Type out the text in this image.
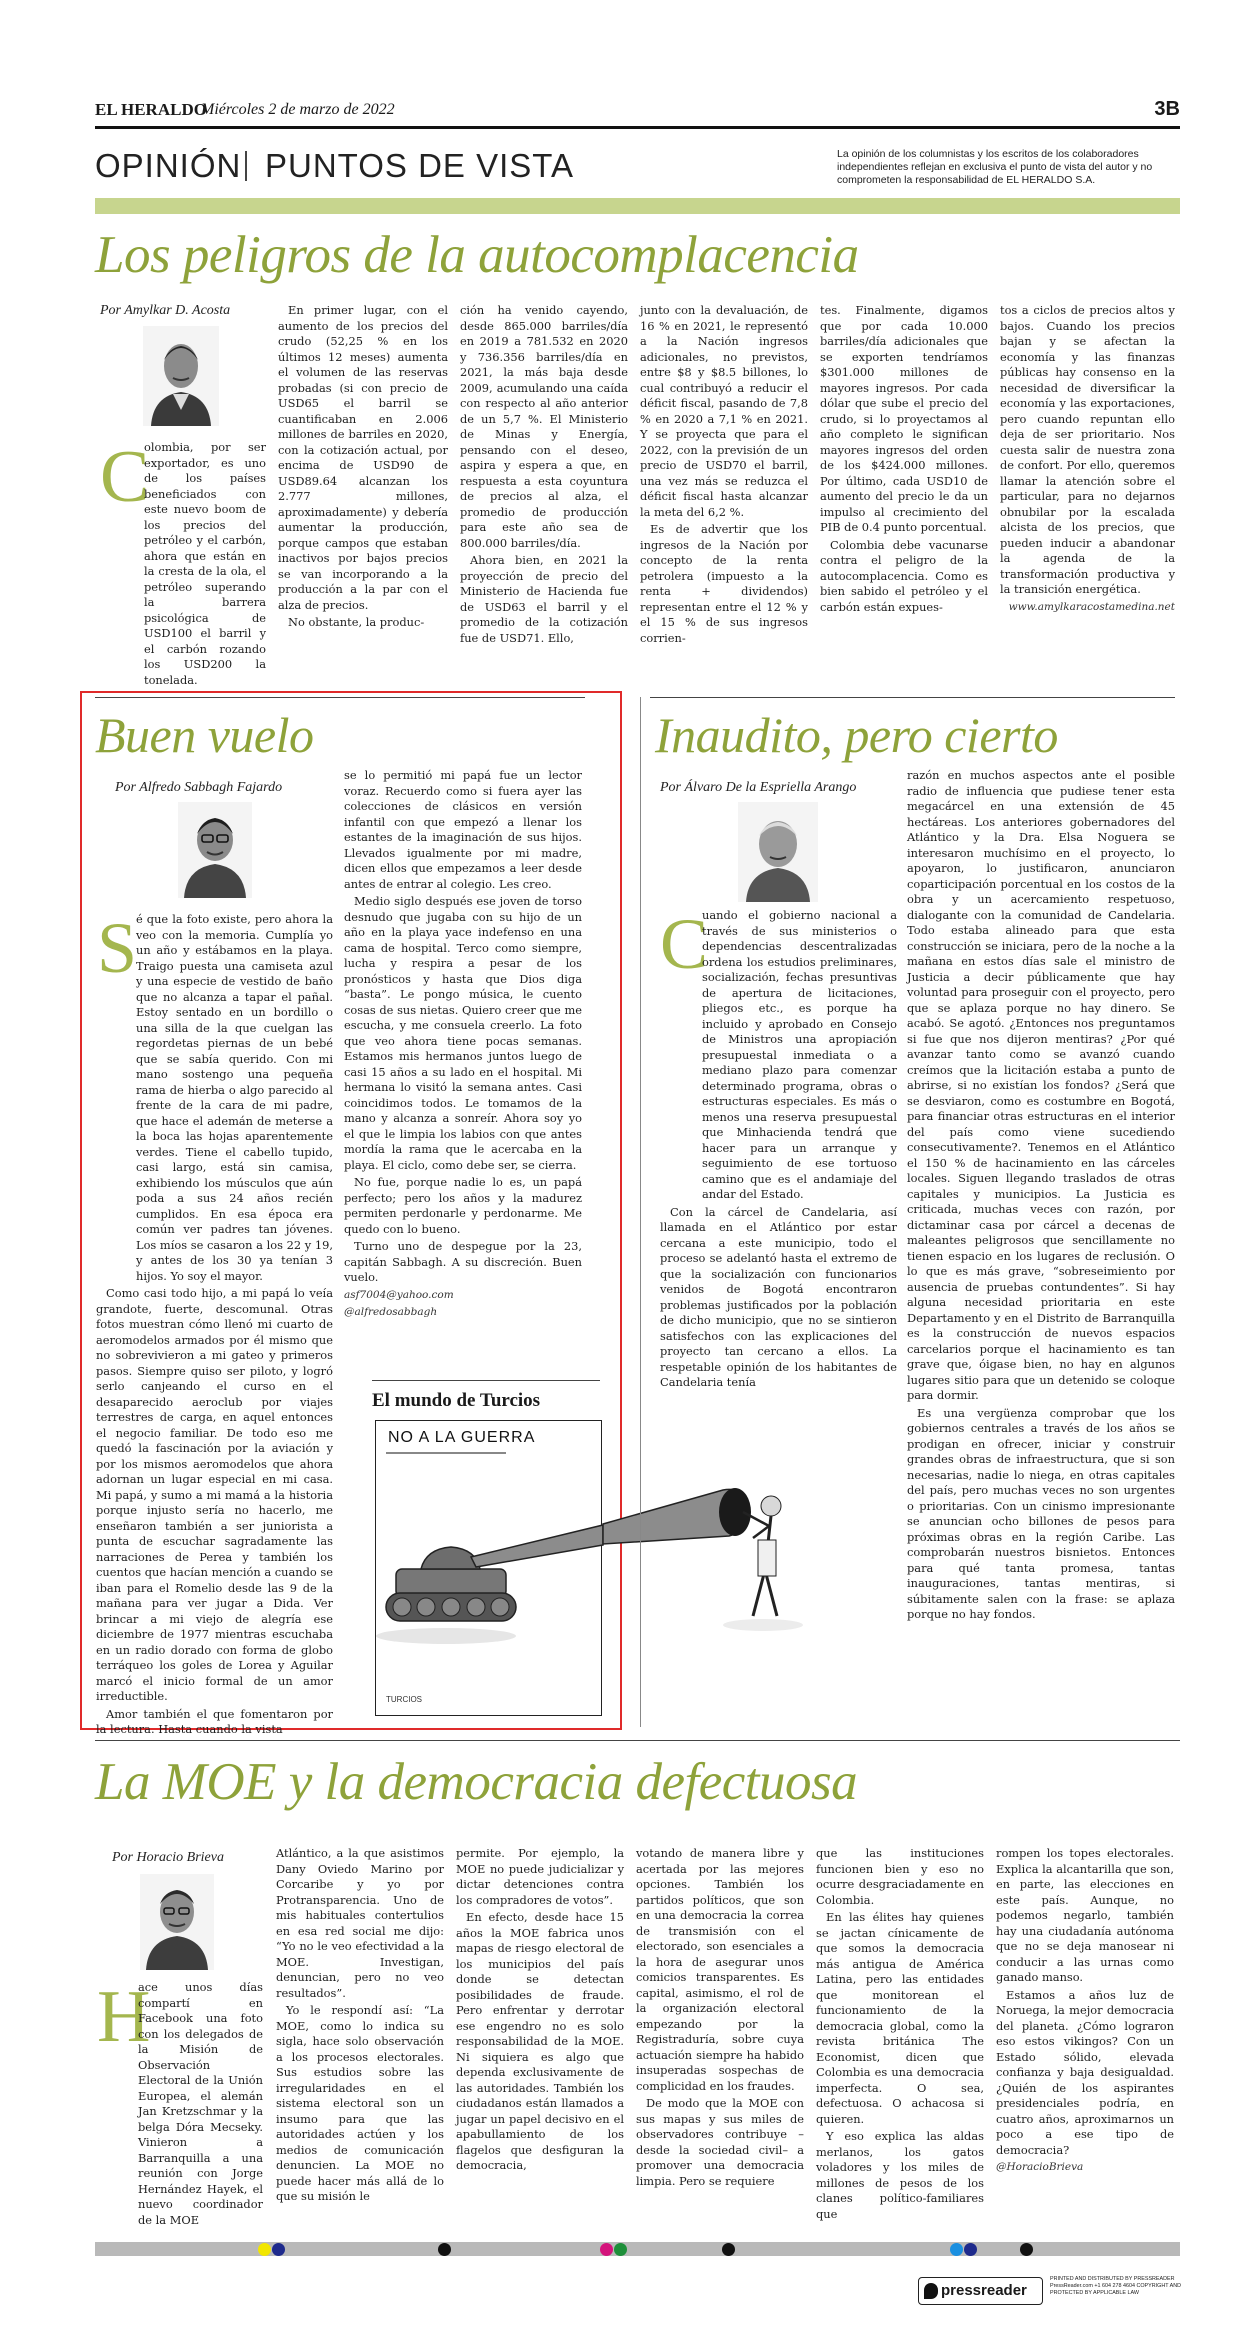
EL HERALDO
Miércoles 2 de marzo de 2022	3B
OPINIÓN PUNTOS DE VISTA	La opinión de los columnistas y los escritos de los colaboradores independientes reflejan en exclusiva el punto de vista del autor y no comprometen la responsabilidad de EL HERALDO S.A.
Los peligros de la autocomplacencia
Por Amylkar D. Acosta
C

olombia, por ser exportador, es uno de los países beneficiados con este nuevo boom de los precios del petróleo y el carbón, ahora que están en la cresta de la ola, el petróleo superando la barrera psicológica de USD100 el barril y el carbón rozando los USD200 la tonelada.

En primer lugar, con el aumento de los precios del crudo (52,25 % en los últimos 12 meses) aumenta el volumen de las reservas probadas (si con precio de USD65 el barril se cuantificaban en 2.006 millones de barriles en 2020, con la cotización actual, por encima de USD90 de USD89.64 alcanzan los 2.777 millones, aproximadamente) y debería aumentar la producción, porque campos que estaban inactivos por bajos precios se van incorporando a la producción a la par con el alza de precios.

No obstante, la produc-

ción ha venido cayendo, desde 865.000 barriles/día en 2019 a 781.532 en 2020 y 736.356 barriles/día en 2021, la más baja desde 2009, acumulando una caída con respecto al año anterior de un 5,7 %. El Ministerio de Minas y Energía, pensando con el deseo, aspira y espera a que, en respuesta a esta coyuntura de precios al alza, el promedio de producción para este año sea de 800.000 barriles/día.

Ahora bien, en 2021 la proyección de precio del Ministerio de Hacienda fue de USD63 el barril y el promedio de la cotización fue de USD71. Ello,

junto con la devaluación, de 16 % en 2021, le representó a la Nación ingresos adicionales, no previstos, entre $8 y $8.5 billones, lo cual contribuyó a reducir el déficit fiscal, pasando de 7,8 % en 2020 a 7,1 % en 2021. Y se proyecta que para el 2022, con la previsión de un precio de USD70 el barril, una vez más se reduzca el déficit fiscal hasta alcanzar la meta del 6,2 %.

Es de advertir que los ingresos de la Nación por concepto de la renta petrolera (impuesto a la renta + dividendos) representan entre el 12 % y el 15 % de sus ingresos corrien-

tes. Finalmente, digamos que por cada 10.000 barriles/día adicionales que se exporten tendríamos $301.000 millones de mayores ingresos. Por cada dólar que sube el precio del crudo, si lo proyectamos al año completo le significan mayores ingresos del orden de los $424.000 millones. Por último, cada USD10 de aumento del precio le da un impulso al crecimiento del PIB de 0.4 punto porcentual.

Colombia debe vacunarse contra el peligro de la autocomplacencia. Como es bien sabido el petróleo y el carbón están expues-

tos a ciclos de precios altos y bajos. Cuando los precios bajan y se afectan la economía y las finanzas públicas hay consenso en la necesidad de diversificar la economía y las exportaciones, pero cuando repuntan ello deja de ser prioritario. Nos cuesta salir de nuestra zona de confort. Por ello, queremos llamar la atención sobre el particular, para no dejarnos obnubilar por la escalada alcista de los precios, que pueden inducir a abandonar la agenda de la transformación productiva y la transición energética.

www.amylkaracostamedina.net

Buen vuelo
Por Alfredo Sabbagh Fajardo
S

é que la foto existe, pero ahora la veo con la memoria. Cumplía yo un año y estábamos en la playa. Traigo puesta una camiseta azul y una especie de vestido de baño que no alcanza a tapar el pañal. Estoy sentado en un bordillo o una silla de la que cuelgan las regordetas piernas de un bebé que se sabía querido. Con mi mano sostengo una pequeña rama de hierba o algo parecido al frente de la cara de mi padre, que hace el ademán de meterse a la boca las hojas aparentemente verdes. Tiene el cabello tupido, casi largo, está sin camisa, exhibiendo los músculos que aún poda a sus 24 años recién cumplidos. En esa época era común ver padres tan jóvenes. Los míos se casaron a los 22 y 19, y antes de los 30 ya tenían 3 hijos. Yo soy el mayor.

Como casi todo hijo, a mi papá lo veía grandote, fuerte, descomunal. Otras fotos muestran cómo llenó mi cuarto de aeromodelos armados por él mismo que no sobrevivieron a mi gateo y primeros pasos. Siempre quiso ser piloto, y logró serlo canjeando el curso en el desaparecido aeroclub por viajes terrestres de carga, en aquel entonces el negocio familiar. De todo eso me quedó la fascinación por la aviación y por los mismos aeromodelos que ahora adornan un lugar especial en mi casa. Mi papá, y sumo a mi mamá a la historia porque injusto sería no hacerlo, me enseñaron también a ser juniorista a punta de escuchar sagradamente las narraciones de Perea y también los cuentos que hacían mención a cuando se iban para el Romelio desde las 9 de la mañana para ver jugar a Dida. Ver brincar a mi viejo de alegría ese diciembre de 1977 mientras escuchaba en un radio dorado con forma de globo terráqueo los goles de Lorea y Aguilar marcó el inicio formal de un amor irreductible.

Amor también el que fomentaron por la lectura. Hasta cuando la vista

se lo permitió mi papá fue un lector voraz. Recuerdo como si fuera ayer las colecciones de clásicos en versión infantil con que empezó a llenar los estantes de la imaginación de sus hijos. Llevados igualmente por mi madre, dicen ellos que empezamos a leer desde antes de entrar al colegio. Les creo.

Medio siglo después ese joven de torso desnudo que jugaba con su hijo de un año en la playa yace indefenso en una cama de hospital. Terco como siempre, lucha y respira a pesar de los pronósticos y hasta que Dios diga “basta”. Le pongo música, le cuento cosas de sus nietas. Quiero creer que me escucha, y me consuela creerlo. La foto que veo ahora tiene pocas semanas. Estamos mis hermanos juntos luego de casi 15 años a su lado en el hospital. Mi hermana lo visitó la semana antes. Casi coincidimos todos. Le tomamos de la mano y alcanza a sonreír. Ahora soy yo el que le limpia los labios con que antes mordía la rama que le acercaba en la playa. El ciclo, como debe ser, se cierra.

No fue, porque nadie lo es, un papá perfecto; pero los años y la madurez permiten perdonarle y perdonarme. Me quedo con lo bueno.

Turno uno de despegue por la 23, capitán Sabbagh. A su discreción. Buen vuelo.

asf7004@yahoo.com

@alfredosabbagh

El mundo de Turcios
NO A LA GUERRA
TURCIOS
Inaudito, pero cierto
Por Álvaro De la Espriella Arango
C

uando el gobierno nacional a través de sus ministerios o dependencias descentralizadas ordena los estudios preliminares, socialización, fechas presuntivas de apertura de licitaciones, pliegos etc., es porque ha incluido y aprobado en Consejo de Ministros una apropiación presupuestal inmediata o a mediano plazo para comenzar determinado programa, obras o estructuras especiales. Es más o menos una reserva presupuestal que Minhacienda tendrá que hacer para un arranque y seguimiento de ese tortuoso camino que es el andamiaje del andar del Estado.

Con la cárcel de Candelaria, así llamada en el Atlántico por estar cercana a este municipio, todo el proceso se adelantó hasta el extremo de que la socialización con funcionarios venidos de Bogotá encontraron problemas justificados por la población de dicho municipio, que no se sintieron satisfechos con las explicaciones del proyecto tan cercano a ellos. La respetable opinión de los habitantes de Candelaria tenía

razón en muchos aspectos ante el posible radio de influencia que pudiese tener esta megacárcel en una extensión de 45 hectáreas. Los anteriores gobernadores del Atlántico y la Dra. Elsa Noguera se interesaron muchísimo en el proyecto, lo apoyaron, lo justificaron, anunciaron coparticipación porcentual en los costos de la obra y un acercamiento respetuoso, dialogante con la comunidad de Candelaria. Todo estaba alineado para que esta construcción se iniciara, pero de la noche a la mañana en estos días sale el ministro de Justicia a decir públicamente que hay voluntad para proseguir con el proyecto, pero que se aplaza porque no hay dinero. Se acabó. Se agotó. ¿Entonces nos preguntamos si fue que nos dijeron mentiras? ¿Por qué avanzar tanto como se avanzó cuando creímos que la licitación estaba a punto de abrirse, si no existían los fondos? ¿Será que se desviaron, como es costumbre en Bogotá, para financiar otras estructuras en el interior del país como viene sucediendo consecutivamente?. Tenemos en el Atlántico el 150 % de hacinamiento en las cárceles locales. Siguen llegando traslados de otras capitales y municipios. La Justicia es criticada, muchas veces con razón, por dictaminar casa por cárcel a decenas de maleantes peligrosos que sencillamente no tienen espacio en los lugares de reclusión. O lo que es más grave, “sobreseimiento por ausencia de pruebas contundentes”. Si hay alguna necesidad prioritaria en este Departamento y en el Distrito de Barranquilla es la construcción de nuevos espacios carcelarios porque el hacinamiento es tan grave que, óigase bien, no hay en algunos lugares sitio para que un detenido se coloque para dormir.

Es una vergüenza comprobar que los gobiernos centrales a través de los años se prodigan en ofrecer, iniciar y construir grandes obras de infraestructura, que si son necesarias, nadie lo niega, en otras capitales del país, pero muchas veces no son urgentes o prioritarias. Con un cinismo impresionante se anuncian ocho billones de pesos para próximas obras en la región Caribe. Las comprobarán nuestros bisnietos. Entonces para qué tanta promesa, tantas inauguraciones, tantas mentiras, si súbitamente salen con la frase: se aplaza porque no hay fondos.

La MOE y la democracia defectuosa
Por Horacio Brieva
H

ace unos días compartí en Facebook una foto con los delegados de la Misión de Observación Electoral de la Unión Europea, el alemán Jan Kretzschmar y la belga Dóra Mecseky. Vinieron a Barranquilla a una reunión con Jorge Hernández Hayek, el nuevo coordinador de la MOE

Atlántico, a la que asistimos Dany Oviedo Marino por Corcaribe y yo por Protransparencia. Uno de mis habituales contertulios en esa red social me dijo: “Yo no le veo efectividad a la MOE. Investigan, denuncian, pero no veo resultados”.

Yo le respondí así: “La MOE, como lo indica su sigla, hace solo observación a los procesos electorales. Sus estudios sobre las irregularidades en el sistema electoral son un insumo para que las autoridades actúen y los medios de comunicación denuncien. La MOE no puede hacer más allá de lo que su misión le

permite. Por ejemplo, la MOE no puede judicializar y dictar detenciones contra los compradores de votos”.

En efecto, desde hace 15 años la MOE fabrica unos mapas de riesgo electoral de los municipios del país donde se detectan posibilidades de fraude. Pero enfrentar y derrotar ese engendro no es solo responsabilidad de la MOE. Ni siquiera es algo que dependa exclusivamente de las autoridades. También los ciudadanos están llamados a jugar un papel decisivo en el apabullamiento de los flagelos que desfiguran la democracia,

votando de manera libre y acertada por las mejores opciones. También los partidos políticos, que son en una democracia la correa de transmisión con el electorado, son esenciales a la hora de asegurar unos comicios transparentes. Es capital, asimismo, el rol de la organización electoral empezando por la Registraduría, sobre cuya actuación siempre ha habido insuperadas sospechas de complicidad en los fraudes.

De modo que la MOE con sus mapas y sus miles de observadores contribuye –desde la sociedad civil– a promover una democracia limpia. Pero se requiere

que las instituciones funcionen bien y eso no ocurre desgraciadamente en Colombia.

En las élites hay quienes se jactan cínicamente de que somos la democracia más antigua de América Latina, pero las entidades que monitorean el funcionamiento de la democracia global, como la revista británica The Economist, dicen que Colombia es una democracia imperfecta. O sea, defectuosa. O achacosa si quieren.

Y eso explica las aldas merlanos, los gatos voladores y los miles de millones de pesos de los clanes político-familiares que

rompen los topes electorales. Explica la alcantarilla que son, en parte, las elecciones en este país. Aunque, no podemos negarlo, también hay una ciudadanía autónoma que no se deja manosear ni conducir a las urnas como ganado manso.

Estamos a años luz de Noruega, la mejor democracia del planeta. ¿Cómo lograron eso estos vikingos? Con un Estado sólido, elevada confianza y baja desigualdad. ¿Quién de los aspirantes presidenciales podría, en cuatro años, aproximarnos un poco a ese tipo de democracia?

@HoracioBrieva

pressreader
PRINTED AND DISTRIBUTED BY PRESSREADER PressReader.com +1 604 278 4604 COPYRIGHT AND PROTECTED BY APPLICABLE LAW
